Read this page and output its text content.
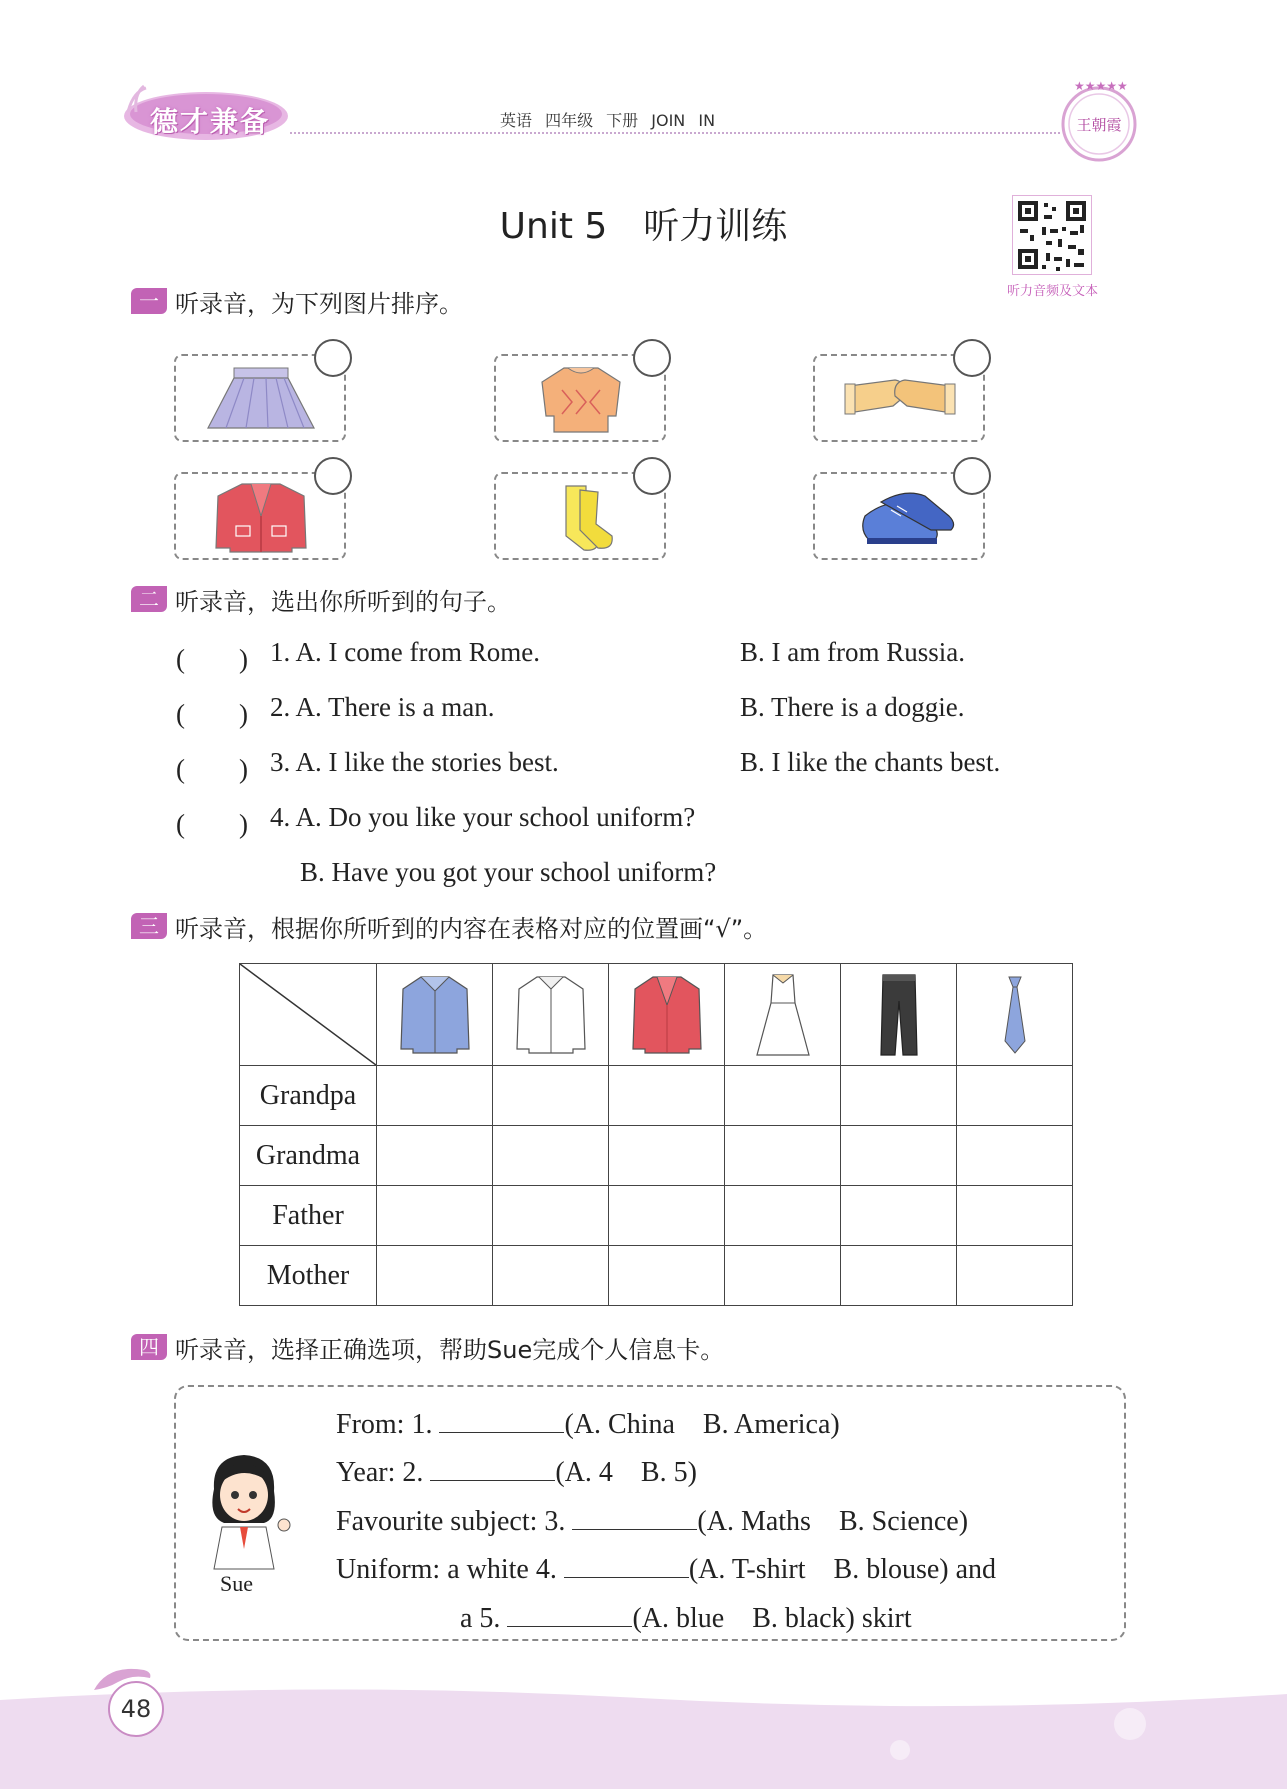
德才兼备	英语 四年级 下册 JOIN IN
★★★★★
王朝霞
Unit 5　听力训练
听力音频及文本
一 听录音，为下列图片排序。
二 听录音，选出你所听到的句子。
(　　) 1. A. I come from Rome.	B. I am from Russia.
(　　) 2. A. There is a man.	B. There is a doggie.
(　　) 3. A. I like the stories best.	B. I like the chants best.
(　　) 4. A. Do you like your school uniform?
B. Have you got your school uniform?
三 听录音，根据你所听到的内容在表格对应的位置画“√”。

Grandpa						
Grandma						
Father						
Mother						
四 听录音，选择正确选项，帮助Sue完成个人信息卡。
Sue
From: 1.	(A. China　B. America)
Year: 2.	(A. 4　B. 5)
Favourite subject: 3.	(A. Maths　B. Science)
Uniform: a white 4.	(A. T-shirt　B. blouse) and
a 5.	(A. blue　B. black) skirt
48
